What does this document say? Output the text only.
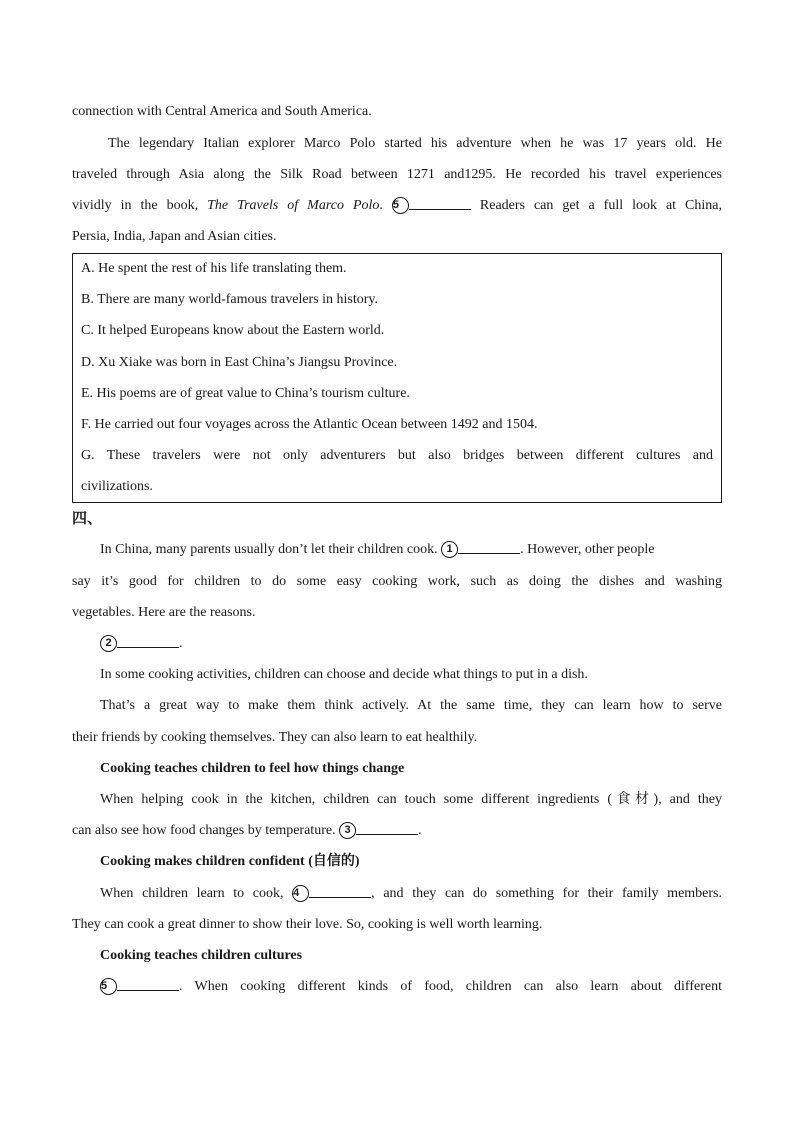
connection with Central America and South America.
The legendary Italian explorer Marco Polo started his adventure when he was 17 years old. He
traveled through Asia along the Silk Road between 1271 and1295. He recorded his travel experiences
vividly in the book, The Travels of Marco Polo. 5	Readers can get a full look at China,
Persia, India, Japan and Asian cities.
A. He spent the rest of his life translating them.
B. There are many world-famous travelers in history.
C. It helped Europeans know about the Eastern world.
D. Xu Xiake was born in East China’s Jiangsu Province.
E. His poems are of great value to China’s tourism culture.
F. He carried out four voyages across the Atlantic Ocean between 1492 and 1504.
G. These travelers were not only adventurers but also bridges between different cultures and
civilizations.
四、
In China, many parents usually don’t let their children cook. 1	. However, other people
say it’s good for children to do some easy cooking work, such as doing the dishes and washing
vegetables. Here are the reasons.
2	.
In some cooking activities, children can choose and decide what things to put in a dish.
That’s a great way to make them think actively. At the same time, they can learn how to serve
their friends by cooking themselves. They can also learn to eat healthily.
Cooking teaches children to feel how things change
When helping cook in the kitchen, children can touch some different ingredients (食材), and they
can also see how food changes by temperature. 3	.
Cooking makes children confident (自信的)
When children learn to cook, 4	, and they can do something for their family members.
They can cook a great dinner to show their love. So, cooking is well worth learning.
Cooking teaches children cultures
5	. When cooking different kinds of food, children can also learn about different
